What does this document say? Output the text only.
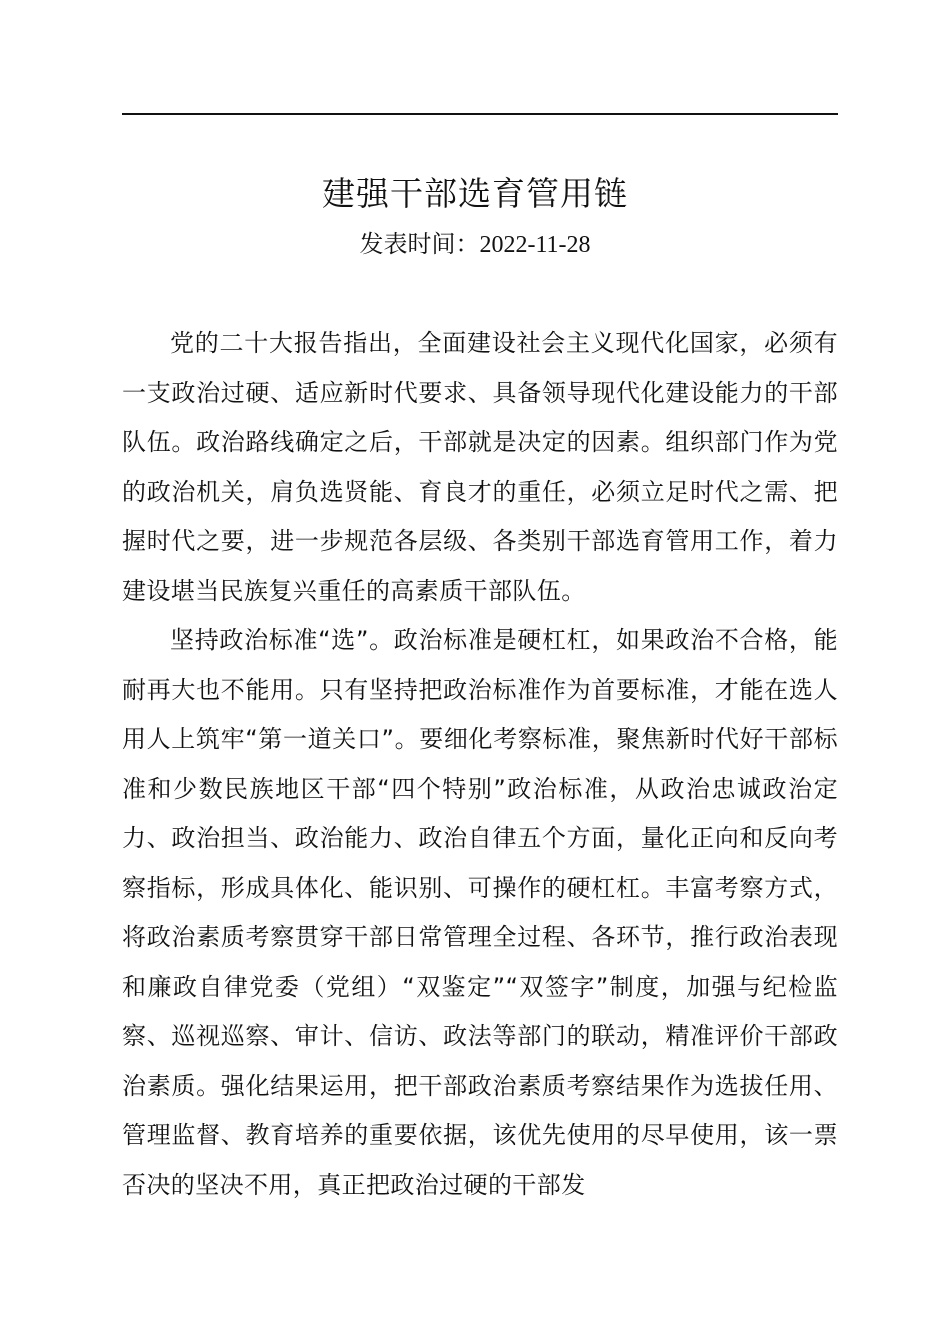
建强干部选育管用链
发表时间：2022-11-28

党的二十大报告指出，全面建设社会主义现代化国家，必须有一支政治过硬、适应新时代要求、具备领导现代化建设能力的干部队伍。政治路线确定之后，干部就是决定的因素。组织部门作为党的政治机关，肩负选贤能、育良才的重任，必须立足时代之需、把握时代之要，进一步规范各层级、各类别干部选育管用工作，着力建设堪当民族复兴重任的高素质干部队伍。

坚持政治标准“选”。政治标准是硬杠杠，如果政治不合格，能耐再大也不能用。只有坚持把政治标准作为首要标准，才能在选人用人上筑牢“第一道关口”。要细化考察标准，聚焦新时代好干部标准和少数民族地区干部“四个特别”政治标准，从政治忠诚政治定力、政治担当、政治能力、政治自律五个方面，量化正向和反向考察指标，形成具体化、能识别、可操作的硬杠杠。丰富考察方式，将政治素质考察贯穿干部日常管理全过程、各环节，推行政治表现和廉政自律党委（党组）“双鉴定”“双签字”制度，加强与纪检监察、巡视巡察、审计、信访、政法等部门的联动，精准评价干部政治素质。强化结果运用，把干部政治素质考察结果作为选拔任用、管理监督、教育培养的重要依据，该优先使用的尽早使用，该一票否决的坚决不用，真正把政治过硬的干部发
